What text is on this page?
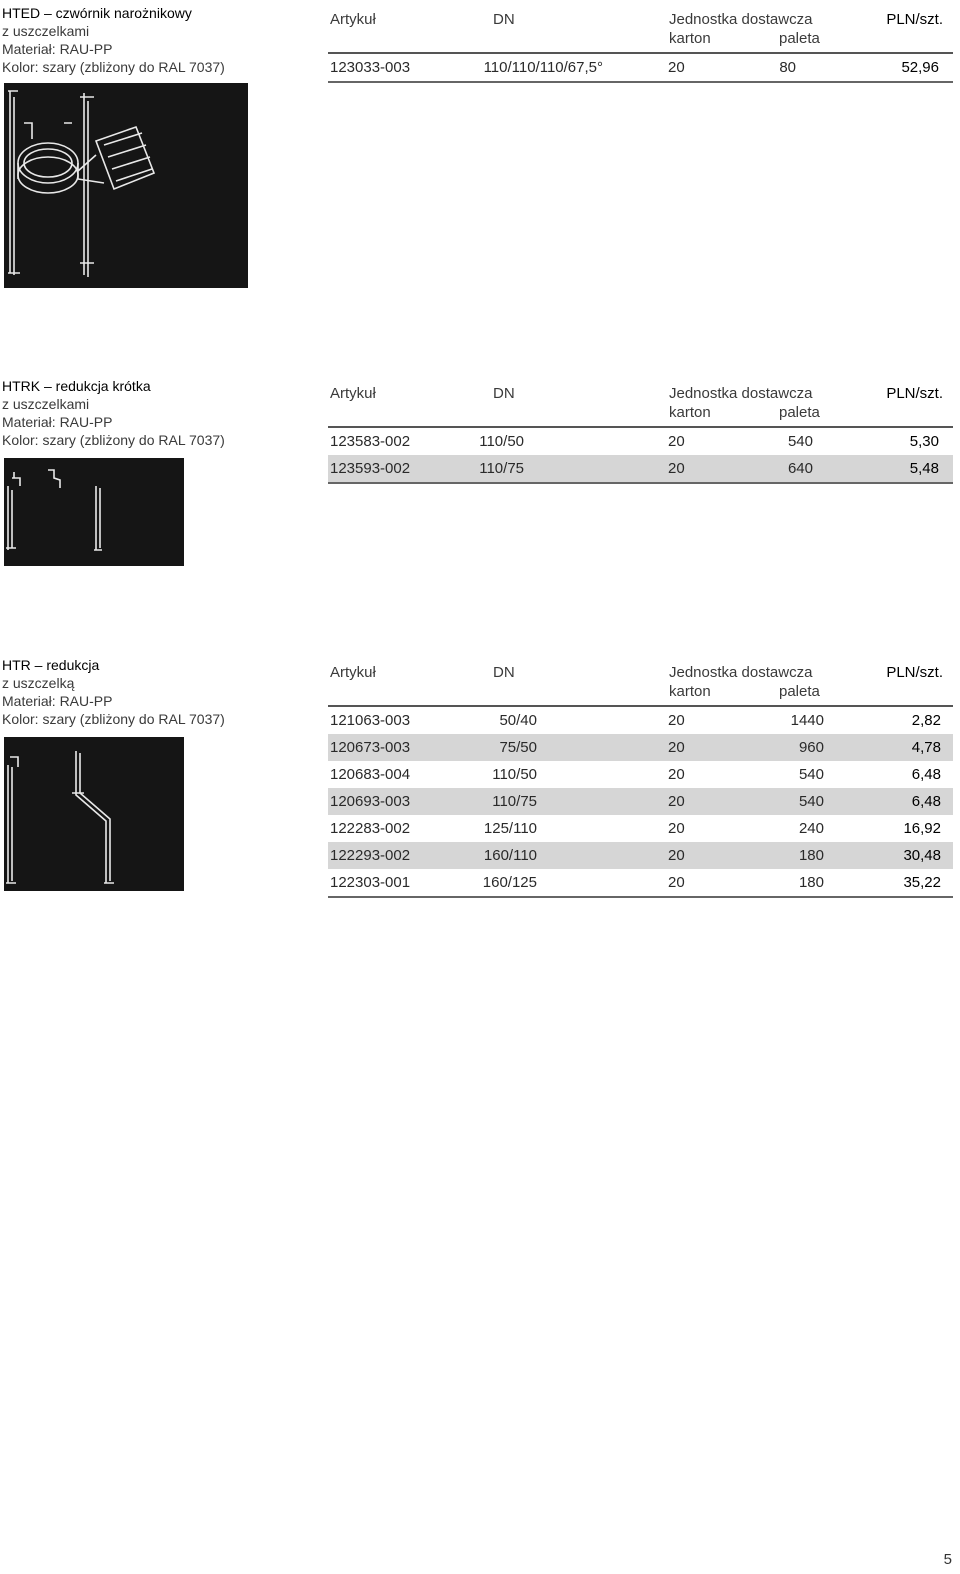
HTED – czwórnik narożnikowy
z uszczelkami
Materiał: RAU-PP
Kolor: szary (zbliżony do RAL 7037)
Artykuł	DN	Jednostka dostawcza
karton	paleta
PLN/szt.
123033-003	110/110/110/67,5°	20	80	52,96
HTRK – redukcja krótka
z uszczelkami
Materiał: RAU-PP
Kolor: szary (zbliżony do RAL 7037)
Artykuł	DN	Jednostka dostawcza
karton	paleta
PLN/szt.
123583-002	110/50	20	540	5,30
123593-002	110/75	20	640	5,48
HTR – redukcja
z uszczelką
Materiał: RAU-PP
Kolor: szary (zbliżony do RAL 7037)
Artykuł	DN	Jednostka dostawcza
karton	paleta
PLN/szt.
121063-003	50/40	20	1440	2,82
120673-003	75/50	20	960	4,78
120683-004	110/50	20	540	6,48
120693-003	110/75	20	540	6,48
122283-002	125/110	20	240	16,92
122293-002	160/110	20	180	30,48
122303-001	160/125	20	180	35,22
5
